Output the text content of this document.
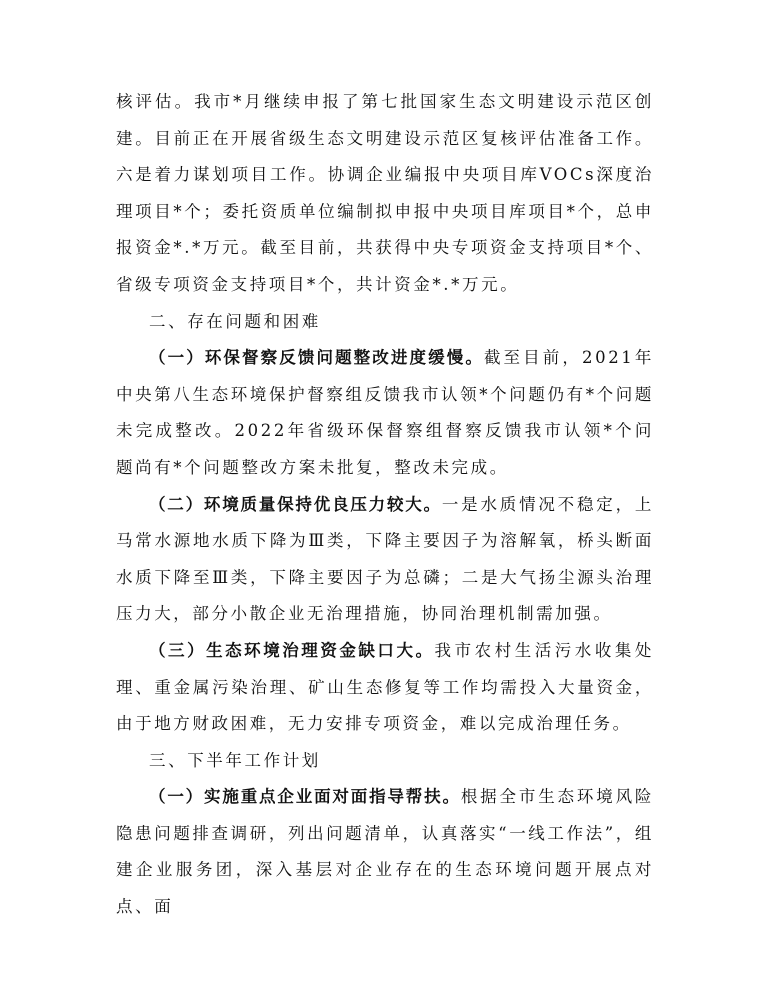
核评估。我市*月继续申报了第七批国家生态文明建设示范区创建。目前正在开展省级生态文明建设示范区复核评估准备工作。六是着力谋划项目工作。协调企业编报中央项目库VOCs深度治理项目*个；委托资质单位编制拟申报中央项目库项目*个，总申报资金*.*万元。截至目前，共获得中央专项资金支持项目*个、省级专项资金支持项目*个，共计资金*.*万元。

二、存在问题和困难

（一）环保督察反馈问题整改进度缓慢。截至目前，2021年中央第八生态环境保护督察组反馈我市认领*个问题仍有*个问题未完成整改。2022年省级环保督察组督察反馈我市认领*个问题尚有*个问题整改方案未批复，整改未完成。

（二）环境质量保持优良压力较大。一是水质情况不稳定，上马常水源地水质下降为Ⅲ类，下降主要因子为溶解氧，桥头断面水质下降至Ⅲ类，下降主要因子为总磷；二是大气扬尘源头治理压力大，部分小散企业无治理措施，协同治理机制需加强。

（三）生态环境治理资金缺口大。我市农村生活污水收集处理、重金属污染治理、矿山生态修复等工作均需投入大量资金，由于地方财政困难，无力安排专项资金，难以完成治理任务。

三、下半年工作计划

（一）实施重点企业面对面指导帮扶。根据全市生态环境风险隐患问题排查调研，列出问题清单，认真落实“一线工作法”，组建企业服务团，深入基层对企业存在的生态环境问题开展点对点、面
